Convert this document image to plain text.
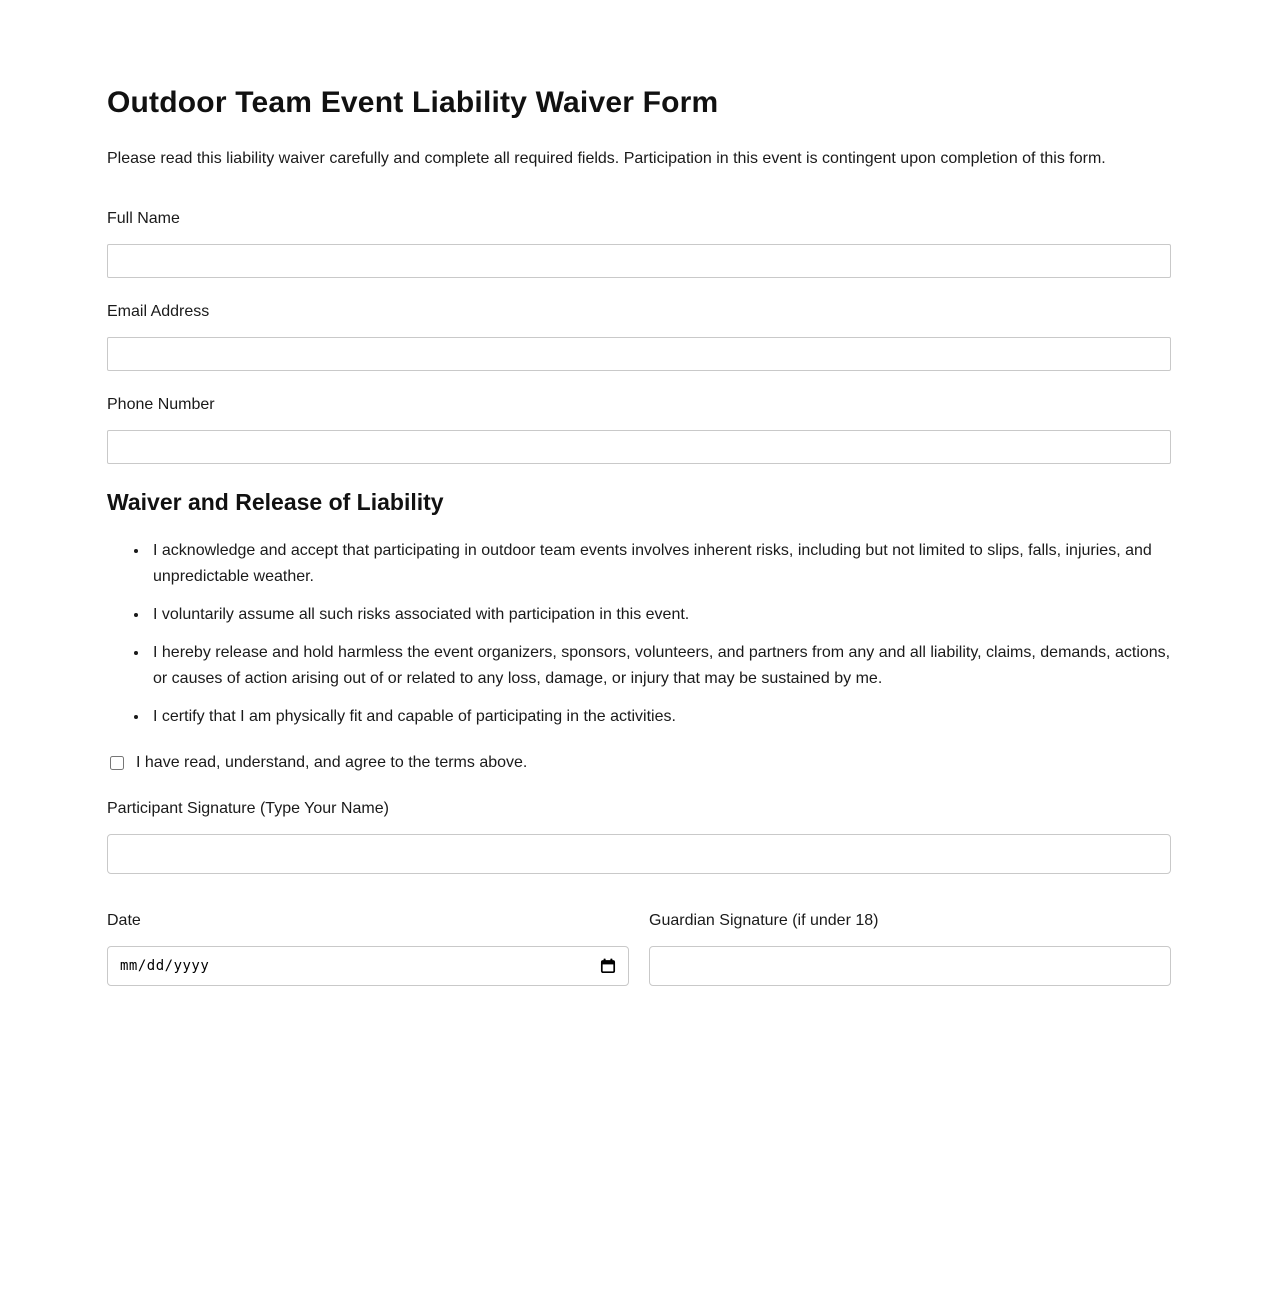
Outdoor Team Event Liability Waiver Form

Please read this liability waiver carefully and complete all required fields. Participation in this event is contingent upon completion of this form.

Full Name
Email Address
Phone Number
Waiver and Release of Liability
• I acknowledge and accept that participating in outdoor team events involves inherent risks, including but not limited to slips, falls, injuries, and unpredictable weather.
• I voluntarily assume all such risks associated with participation in this event.
• I hereby release and hold harmless the event organizers, sponsors, volunteers, and partners from any and all liability, claims, demands, actions, or causes of action arising out of or related to any loss, damage, or injury that may be sustained by me.
• I certify that I am physically fit and capable of participating in the activities.
I have read, understand, and agree to the terms above.
Participant Signature (Type Your Name)
Date
mm/dd/yyyy
Guardian Signature (if under 18)
